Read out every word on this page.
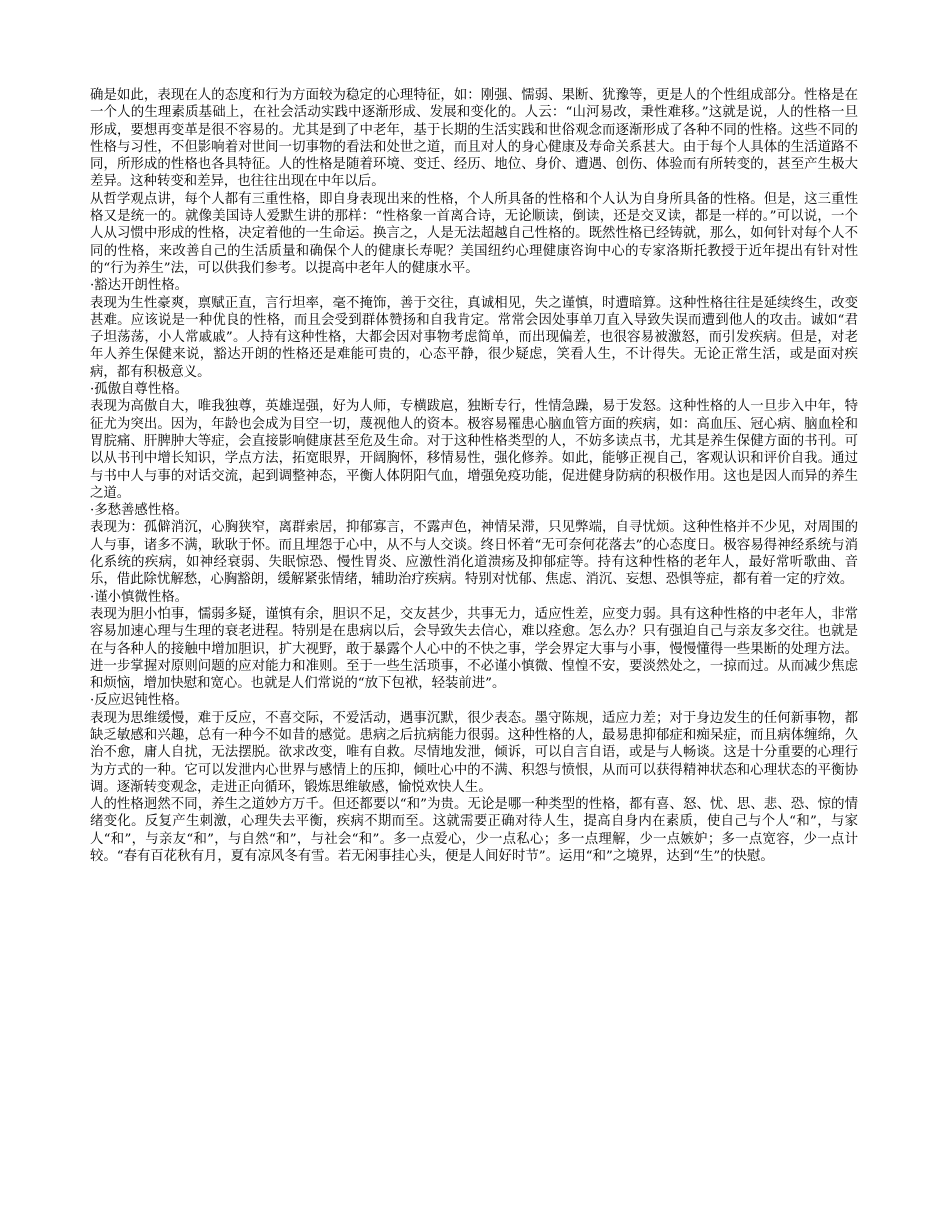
确是如此，表现在人的态度和行为方面较为稳定的心理特征，如：刚强、懦弱、果断、犹豫等，更是人的个性组成部分。性格是在一个人的生理素质基础上，在社会活动实践中逐渐形成、发展和变化的。人云：“山河易改，秉性难移。”这就是说，人的性格一旦形成，要想再变革是很不容易的。尤其是到了中老年，基于长期的生活实践和世俗观念而逐渐形成了各种不同的性格。这些不同的性格与习性，不但影响着对世间一切事物的看法和处世之道，而且对人的身心健康及寿命关系甚大。由于每个人具体的生活道路不同，所形成的性格也各具特征。人的性格是随着环境、变迁、经历、地位、身价、遭遇、创伤、体验而有所转变的，甚至产生极大差异。这种转变和差异，也往往出现在中年以后。

从哲学观点讲，每个人都有三重性格，即自身表现出来的性格，个人所具备的性格和个人认为自身所具备的性格。但是，这三重性格又是统一的。就像美国诗人爱默生讲的那样：“性格象一首离合诗，无论顺读，倒读，还是交叉读，都是一样的。”可以说，一个人从习惯中形成的性格，决定着他的一生命运。换言之，人是无法超越自己性格的。既然性格已经铸就，那么，如何针对每个人不同的性格，来改善自己的生活质量和确保个人的健康长寿呢？美国纽约心理健康咨询中心的专家洛斯托教授于近年提出有针对性的“行为养生”法，可以供我们参考。以提高中老年人的健康水平。

·豁达开朗性格。

表现为生性豪爽，禀赋正直，言行坦率，毫不掩饰，善于交往，真诚相见，失之谨慎，时遭暗算。这种性格往往是延续终生，改变甚难。应该说是一种优良的性格，而且会受到群体赞扬和自我肯定。常常会因处事单刀直入导致失误而遭到他人的攻击。诚如“君子坦荡荡，小人常戚戚”。人持有这种性格，大都会因对事物考虑简单，而出现偏差，也很容易被激怒，而引发疾病。但是，对老年人养生保健来说，豁达开朗的性格还是难能可贵的，心态平静，很少疑虑，笑看人生，不计得失。无论正常生活，或是面对疾病，都有积极意义。

·孤傲自尊性格。

表现为高傲自大，唯我独尊，英雄逞强，好为人师，专横跋扈，独断专行，性情急躁，易于发怒。这种性格的人一旦步入中年，特征尤为突出。因为，年龄也会成为目空一切，蔑视他人的资本。极容易罹患心脑血管方面的疾病，如：高血压、冠心病、脑血栓和胃脘痛、肝脾肿大等症，会直接影响健康甚至危及生命。对于这种性格类型的人，不妨多读点书，尤其是养生保健方面的书刊。可以从书刊中增长知识，学点方法，拓宽眼界，开阔胸怀，移情易性，强化修养。如此，能够正视自己，客观认识和评价自我。通过与书中人与事的对话交流，起到调整神态，平衡人体阴阳气血，增强免疫功能，促进健身防病的积极作用。这也是因人而异的养生之道。

·多愁善感性格。

表现为：孤僻消沉，心胸狭窄，离群索居，抑郁寡言，不露声色，神情呆滞，只见弊端，自寻忧烦。这种性格并不少见，对周围的人与事，诸多不满，耿耿于怀。而且埋怨于心中，从不与人交谈。终日怀着“无可奈何花落去”的心态度日。极容易得神经系统与消化系统的疾病，如神经衰弱、失眠惊恐、慢性胃炎、应激性消化道溃疡及抑郁症等。持有这种性格的老年人，最好常听歌曲、音乐，借此除忧解愁，心胸豁朗，缓解紧张情绪，辅助治疗疾病。特别对忧郁、焦虑、消沉、妄想、恐惧等症，都有着一定的疗效。

·谨小慎微性格。

表现为胆小怕事，懦弱多疑，谨慎有余，胆识不足，交友甚少，共事无力，适应性差，应变力弱。具有这种性格的中老年人，非常容易加速心理与生理的衰老进程。特别是在患病以后，会导致失去信心，难以痊愈。怎么办？只有强迫自己与亲友多交往。也就是在与各种人的接触中增加胆识，扩大视野，敢于暴露个人心中的不快之事，学会界定大事与小事，慢慢懂得一些果断的处理方法。进一步掌握对原则问题的应对能力和准则。至于一些生活琐事，不必谨小慎微、惶惶不安，要淡然处之，一掠而过。从而减少焦虑和烦恼，增加快慰和宽心。也就是人们常说的“放下包袱，轻装前进”。

·反应迟钝性格。

表现为思维缓慢，难于反应，不喜交际，不爱活动，遇事沉默，很少表态。墨守陈规，适应力差；对于身边发生的任何新事物，都缺乏敏感和兴趣，总有一种今不如昔的感觉。患病之后抗病能力很弱。这种性格的人，最易患抑郁症和痴呆症，而且病体缠绵，久治不愈，庸人自扰，无法摆脱。欲求改变，唯有自救。尽情地发泄，倾诉，可以自言自语，或是与人畅谈。这是十分重要的心理行为方式的一种。它可以发泄内心世界与感情上的压抑，倾吐心中的不满、积怨与愤恨，从而可以获得精神状态和心理状态的平衡协调。逐渐转变观念，走进正向循环，锻炼思维敏感，愉悦欢快人生。

人的性格迥然不同，养生之道妙方万千。但还都要以“和”为贵。无论是哪一种类型的性格，都有喜、怒、忧、思、悲、恐、惊的情绪变化。反复产生刺激，心理失去平衡，疾病不期而至。这就需要正确对待人生，提高自身内在素质，使自己与个人“和”，与家人“和”，与亲友“和”，与自然“和”，与社会“和”。多一点爱心，少一点私心；多一点理解，少一点嫉妒；多一点宽容，少一点计较。“春有百花秋有月，夏有凉风冬有雪。若无闲事挂心头，便是人间好时节”。运用“和”之境界，达到“生”的快慰。
